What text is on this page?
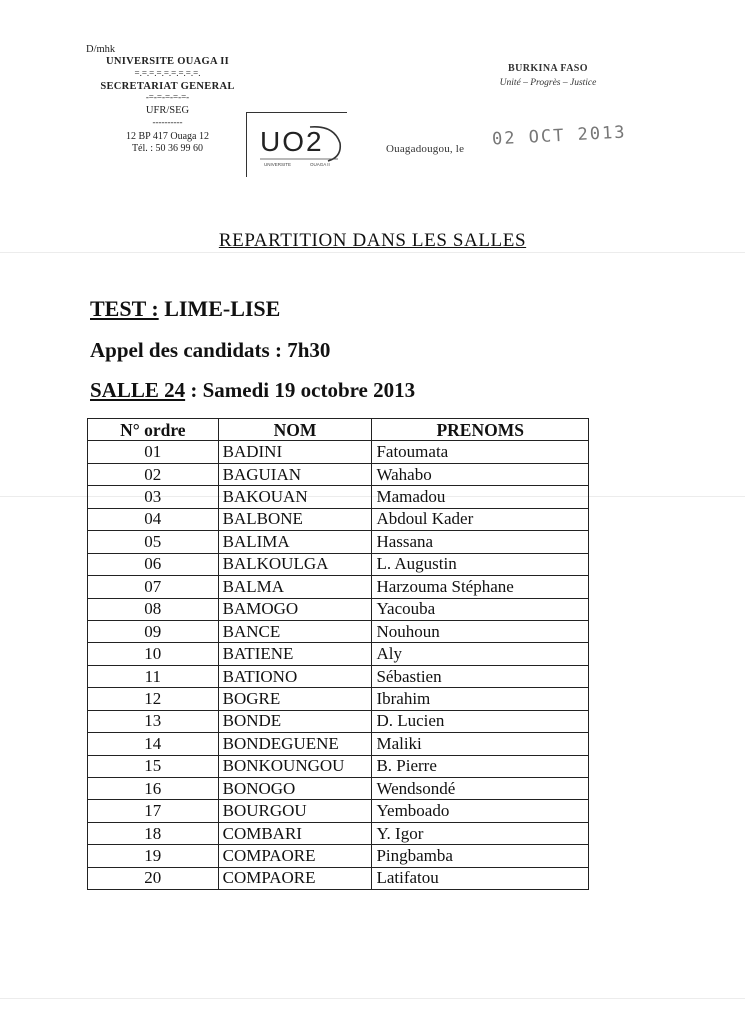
D/mhk
UNIVERSITE OUAGA II
=.=.=.=.=.=.=.=.=.
SECRETARIAT GENERAL
-=-=-=-=-=-
UFR/SEG
----------
12 BP 417 Ouaga 12
Tél. : 50 36 99 60	UO2
UNIVERSITE	OUAGA II
BURKINA FASO
Unité – Progrès – Justice
Ouagadougou, le 02 OCT 2013
REPARTITION DANS LES SALLES
TEST : LIME-LISE
Appel des candidats : 7h30
SALLE 24 : Samedi 19 octobre 2013
N° ordre	NOM	PRENOMS
01	BADINI	Fatoumata
02	BAGUIAN	Wahabo
03	BAKOUAN	Mamadou
04	BALBONE	Abdoul Kader
05	BALIMA	Hassana
06	BALKOULGA	L. Augustin
07	BALMA	Harzouma Stéphane
08	BAMOGO	Yacouba
09	BANCE	Nouhoun
10	BATIENE	Aly
11	BATIONO	Sébastien
12	BOGRE	Ibrahim
13	BONDE	D. Lucien
14	BONDEGUENE	Maliki
15	BONKOUNGOU	B. Pierre
16	BONOGO	Wendsondé
17	BOURGOU	Yemboado
18	COMBARI	Y. Igor
19	COMPAORE	Pingbamba
20	COMPAORE	Latifatou
